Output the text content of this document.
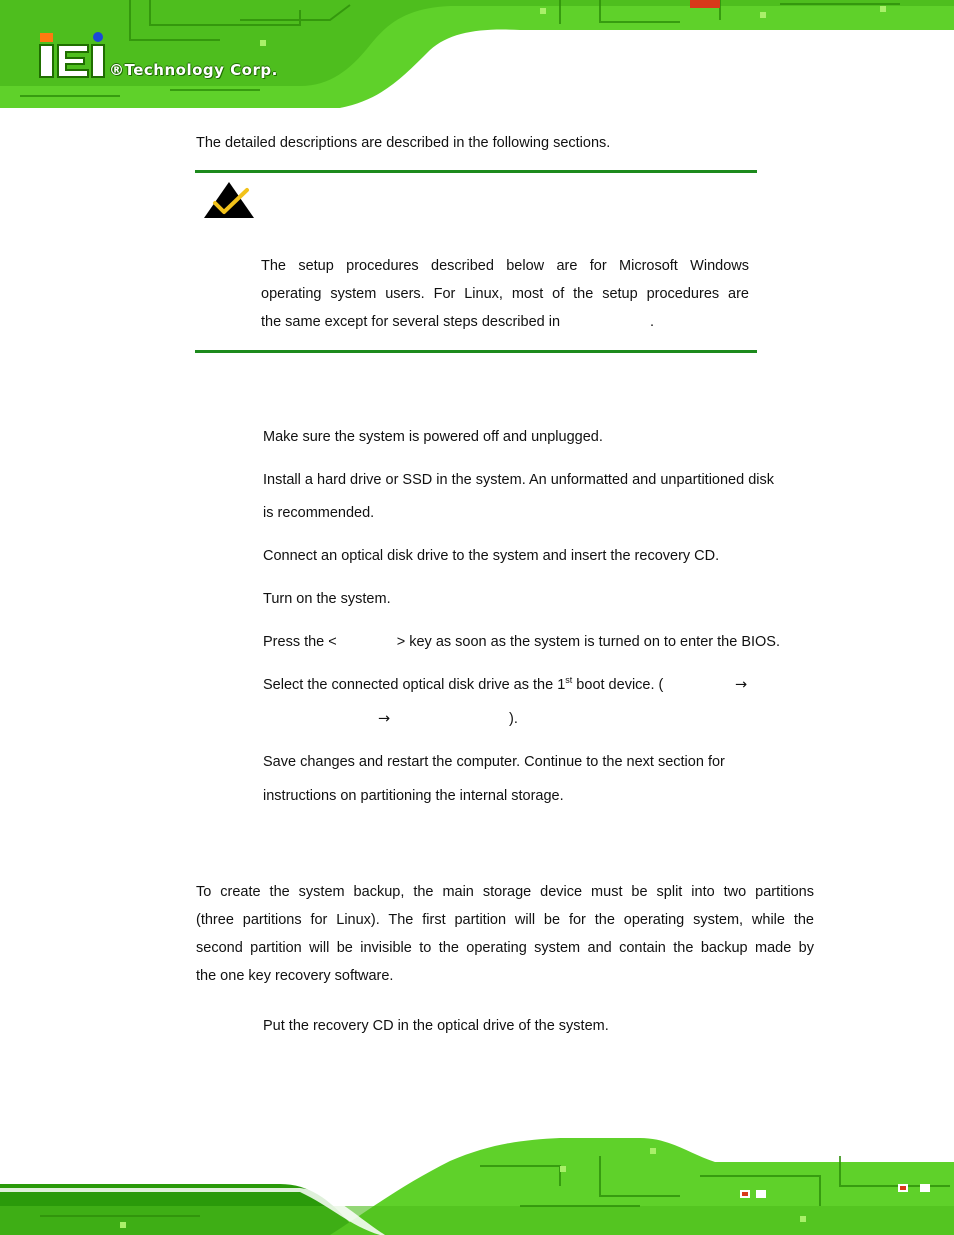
®Technology Corp.
The detailed descriptions are described in the following sections.
The setup procedures described below are for Microsoft Windows
operating system users. For Linux, most of the setup procedures are
the same except for several steps described in	.
Make sure the system is powered off and unplugged.
Install a hard drive or SSD in the system. An unformatted and unpartitioned disk
is recommended.
Connect an optical disk drive to the system and insert the recovery CD.
Turn on the system.
Press the <	> key as soon as the system is turned on to enter the BIOS.
Select the connected optical disk drive as the 1st boot device. (	→
→	).
Save changes and restart the computer. Continue to the next section for
instructions on partitioning the internal storage.
To create the system backup, the main storage device must be split into two partitions
(three partitions for Linux). The first partition will be for the operating system, while the
second partition will be invisible to the operating system and contain the backup made by
the one key recovery software.
Put the recovery CD in the optical drive of the system.
